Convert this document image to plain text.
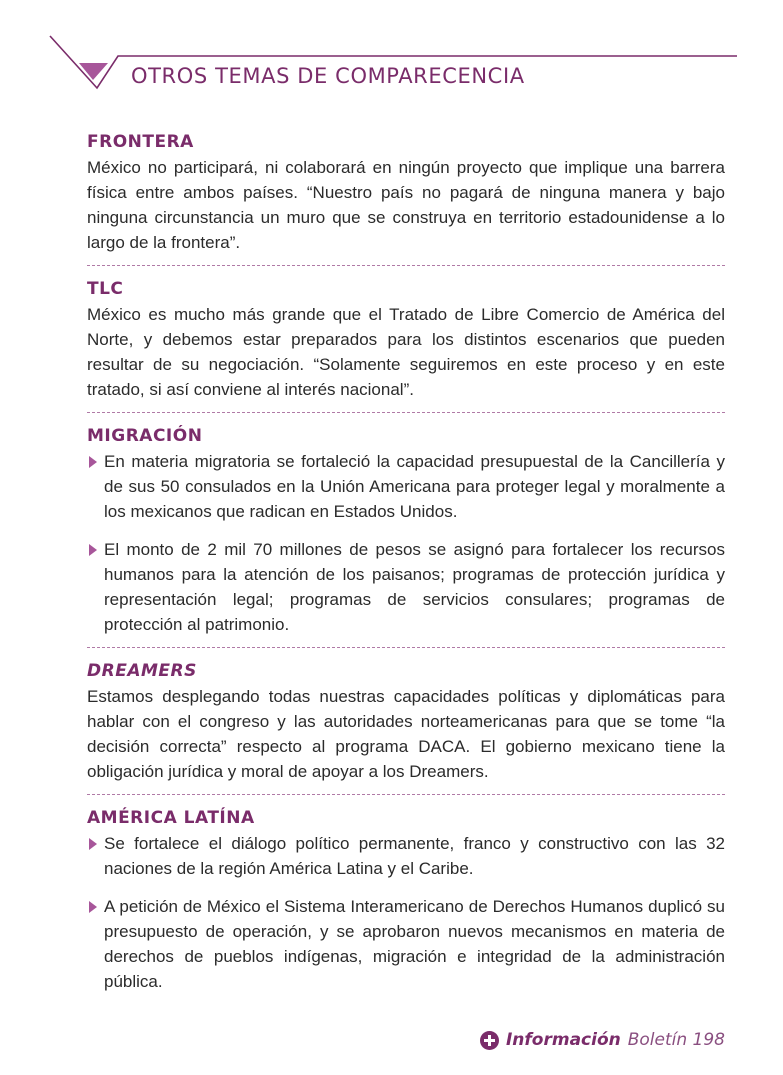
OTROS TEMAS DE COMPARECENCIA
FRONTERA

México no participará, ni colaborará en ningún proyecto que implique una barrera física entre ambos países. “Nuestro país no pagará de ninguna manera y bajo ninguna circunstancia un muro que se construya en territorio estadounidense a lo largo de la frontera”.

TLC

México es mucho más grande que el Tratado de Libre Comercio de América del Norte, y debemos estar preparados para los distintos escenarios que pueden resultar de su negociación. “Solamente seguiremos en este proceso y en este tratado, si así conviene al interés nacional”.

MIGRACIÓN
En materia migratoria se fortaleció la capacidad presupuestal de la Cancillería y de sus 50 consulados en la Unión Americana para proteger legal y moralmente a los mexicanos que radican en Estados Unidos.
El monto de 2 mil 70 millones de pesos se asignó para fortalecer los recursos humanos para la atención de los paisanos; programas de protección jurídica y representación legal; programas de servicios consulares; programas de protección al patrimonio.
DREAMERS

Estamos desplegando todas nuestras capacidades políticas y diplomáticas para hablar con el congreso y las autoridades norteamericanas para que se tome “la decisión correcta” respecto al programa DACA. El gobierno mexicano tiene la obligación jurídica y moral de apoyar a los Dreamers.

AMÉRICA LATÍNA
Se fortalece el diálogo político permanente, franco y constructivo con las 32 naciones de la región América Latina y el Caribe.
A petición de México el Sistema Interamericano de Derechos Humanos duplicó su presupuesto de operación, y se aprobaron nuevos mecanismos en materia de derechos de pueblos indígenas, migración e integridad de la administración pública.
Información Boletín 198
